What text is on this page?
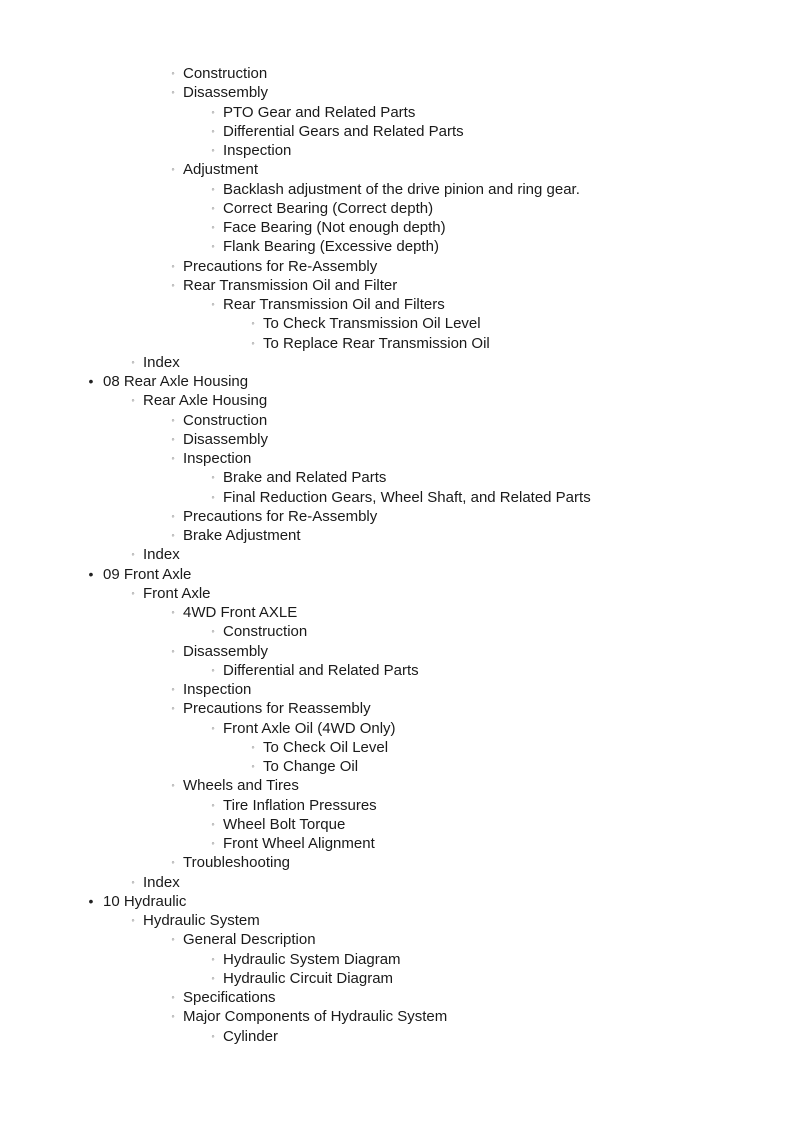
◦ Construction
◦ Disassembly
◦ PTO Gear and Related Parts
◦ Differential Gears and Related Parts
◦ Inspection
◦ Adjustment
◦ Backlash adjustment of the drive pinion and ring gear.
◦ Correct Bearing (Correct depth)
◦ Face Bearing (Not enough depth)
◦ Flank Bearing (Excessive depth)
◦ Precautions for Re-Assembly
◦ Rear Transmission Oil and Filter
◦ Rear Transmission Oil and Filters
◦ To Check Transmission Oil Level
◦ To Replace Rear Transmission Oil
◦ Index
• 08 Rear Axle Housing
◦ Rear Axle Housing
◦ Construction
◦ Disassembly
◦ Inspection
◦ Brake and Related Parts
◦ Final Reduction Gears, Wheel Shaft, and Related Parts
◦ Precautions for Re-Assembly
◦ Brake Adjustment
◦ Index
• 09 Front Axle
◦ Front Axle
◦ 4WD Front AXLE
◦ Construction
◦ Disassembly
◦ Differential and Related Parts
◦ Inspection
◦ Precautions for Reassembly
◦ Front Axle Oil (4WD Only)
◦ To Check Oil Level
◦ To Change Oil
◦ Wheels and Tires
◦ Tire Inflation Pressures
◦ Wheel Bolt Torque
◦ Front Wheel Alignment
◦ Troubleshooting
◦ Index
• 10 Hydraulic
◦ Hydraulic System
◦ General Description
◦ Hydraulic System Diagram
◦ Hydraulic Circuit Diagram
◦ Specifications
◦ Major Components of Hydraulic System
◦ Cylinder
